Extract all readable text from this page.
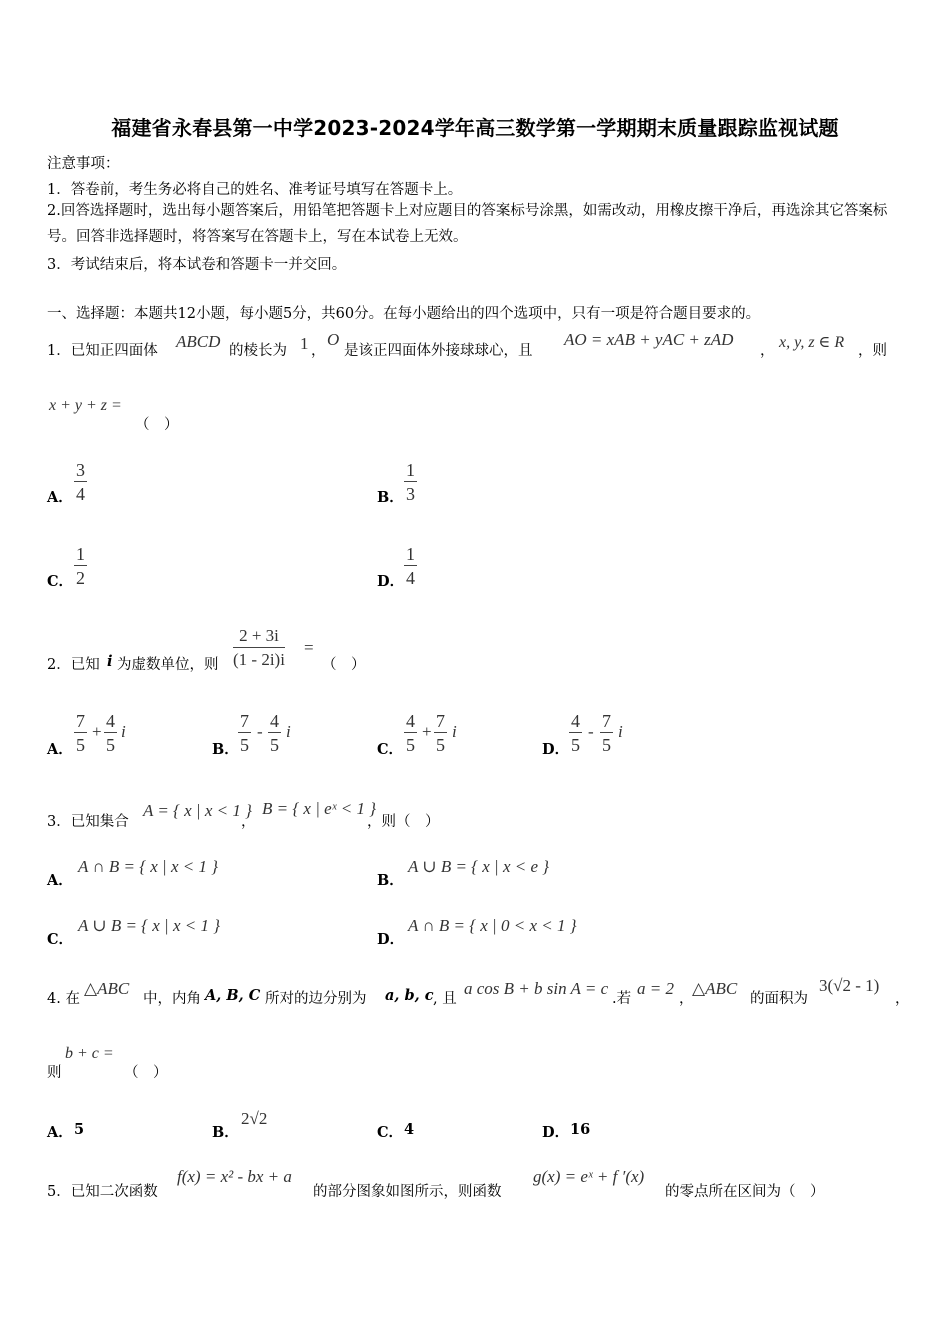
福建省永春县第一中学2023-2024学年高三数学第一学期期末质量跟踪监视试题
注意事项：
1．答卷前，考生务必将自己的姓名、准考证号填写在答题卡上。
2.回答选择题时，选出每小题答案后，用铅笔把答题卡上对应题目的答案标号涂黑，如需改动，用橡皮擦干净后，再选涂其它答案标号。回答非选择题时，将答案写在答题卡上，写在本试卷上无效。
3．考试结束后，将本试卷和答题卡一并交回。
一、选择题：本题共12小题，每小题5分，共60分。在每小题给出的四个选项中，只有一项是符合题目要求的。
1．已知正四面体 ABCD 的棱长为 1 ，
O
是该正四面体外接球球心，且
AO = xAB + yAC + zAD
， x, y, z ∈ R ，则
x + y + z =
（　）
A． $\frac{3}{4}$	B． $\frac{1}{3}$
C． $\frac{1}{2}$	D． $\frac{1}{4}$
2．已知 i 为虚数单位，则 $\frac{2 + 3i}{(1 - 2i)i}$ =
（　）
A． $\frac{7}{5} + \frac{4}{5}$ i
B． $\frac{7}{5} - \frac{4}{5}$ i
C． $\frac{4}{5} + \frac{7}{5}$ i
D． $\frac{4}{5} - \frac{7}{5}$ i
3．已知集合
A = { x | x < 1 }
，
B = { x | eˣ < 1 }
，则（　）
A．
A ∩ B = { x | x < 1 }
B．
A ∪ B = { x | x < e }
C．
A ∪ B = { x | x < 1 }
D．
A ∩ B = { x | 0 < x < 1 }
4. 在
△ABC
中，内角 A, B, C 所对的边分别为 a, b, c , 且
a cos B + b sin A = c
.若
a = 2
，
△ABC
的面积为
3(√2 - 1)
，
则
b + c =
（　）
A． 5	B．
2√2
C． 4	D． 16
5．已知二次函数
f(x) = x² - bx + a
的部分图象如图所示，则函数
g(x) = eˣ + f ′(x)
的零点所在区间为（　）
